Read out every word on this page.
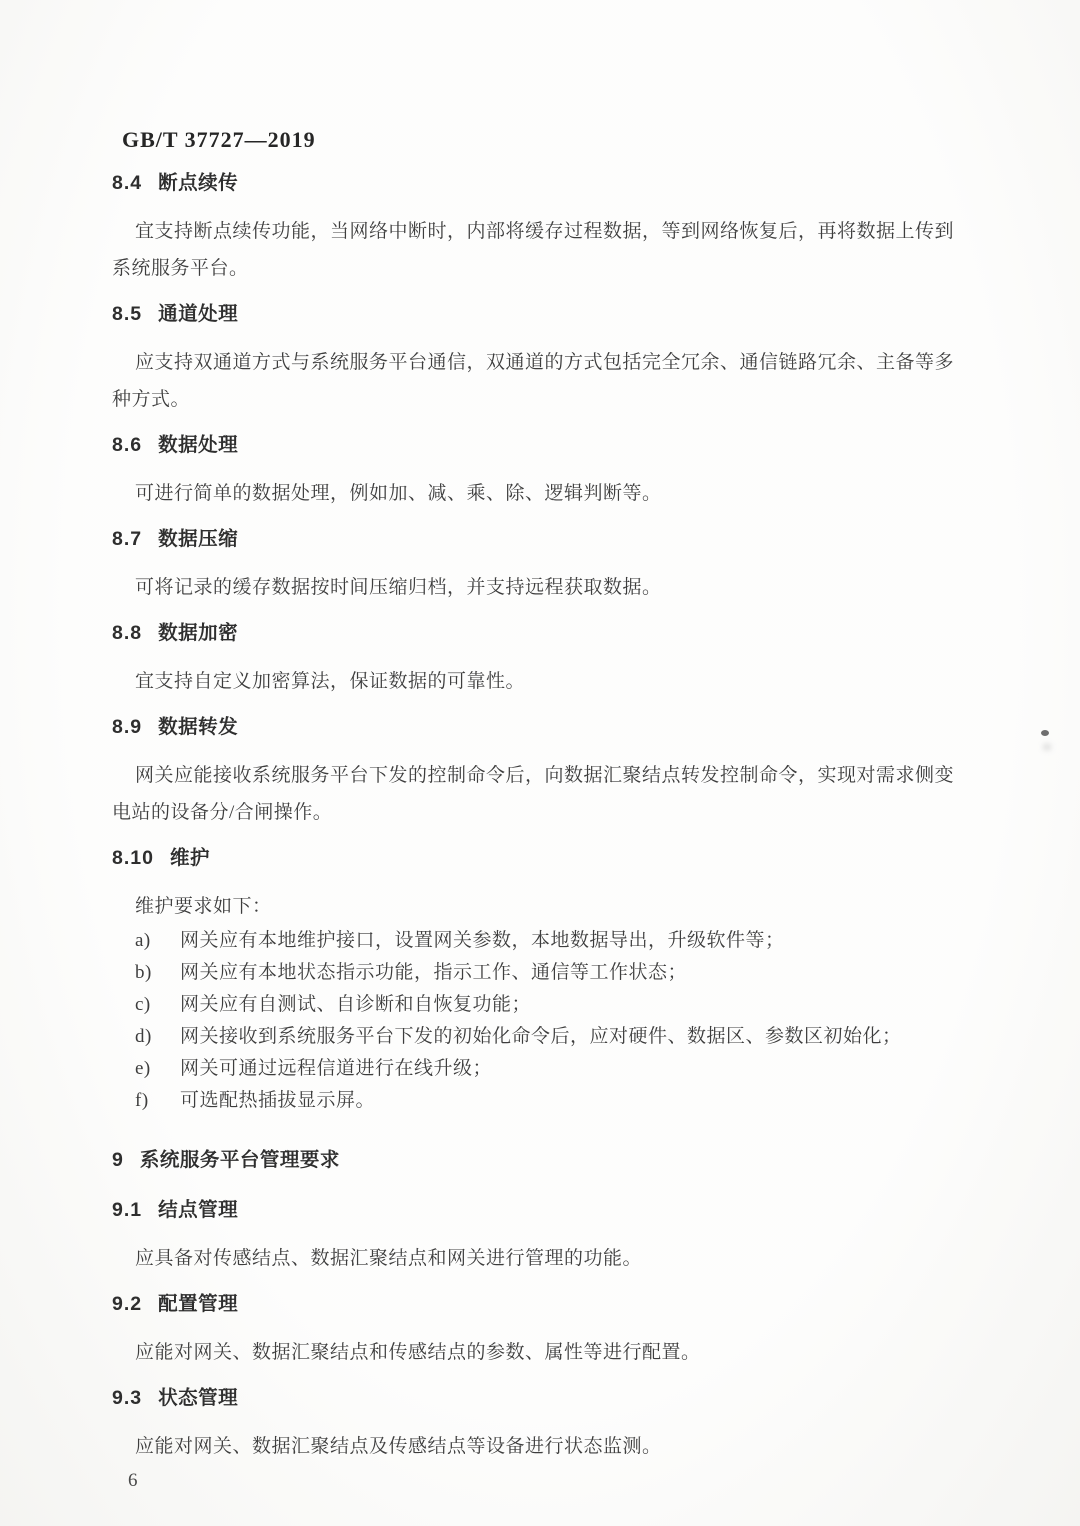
GB/T 37727—2019
8.4 断点续传

宜支持断点续传功能，当网络中断时，内部将缓存过程数据，等到网络恢复后，再将数据上传到系统服务平台。

8.5 通道处理

应支持双通道方式与系统服务平台通信，双通道的方式包括完全冗余、通信链路冗余、主备等多种方式。

8.6 数据处理

可进行简单的数据处理，例如加、减、乘、除、逻辑判断等。

8.7 数据压缩

可将记录的缓存数据按时间压缩归档，并支持远程获取数据。

8.8 数据加密

宜支持自定义加密算法，保证数据的可靠性。

8.9 数据转发

网关应能接收系统服务平台下发的控制命令后，向数据汇聚结点转发控制命令，实现对需求侧变电站的设备分/合闸操作。

8.10 维护

维护要求如下：

a)	网关应有本地维护接口，设置网关参数，本地数据导出，升级软件等；
b)	网关应有本地状态指示功能，指示工作、通信等工作状态；
c)	网关应有自测试、自诊断和自恢复功能；
d)	网关接收到系统服务平台下发的初始化命令后，应对硬件、数据区、参数区初始化；
e)	网关可通过远程信道进行在线升级；
f)	可选配热插拔显示屏。
9 系统服务平台管理要求
9.1 结点管理

应具备对传感结点、数据汇聚结点和网关进行管理的功能。

9.2 配置管理

应能对网关、数据汇聚结点和传感结点的参数、属性等进行配置。

9.3 状态管理

应能对网关、数据汇聚结点及传感结点等设备进行状态监测。

6
